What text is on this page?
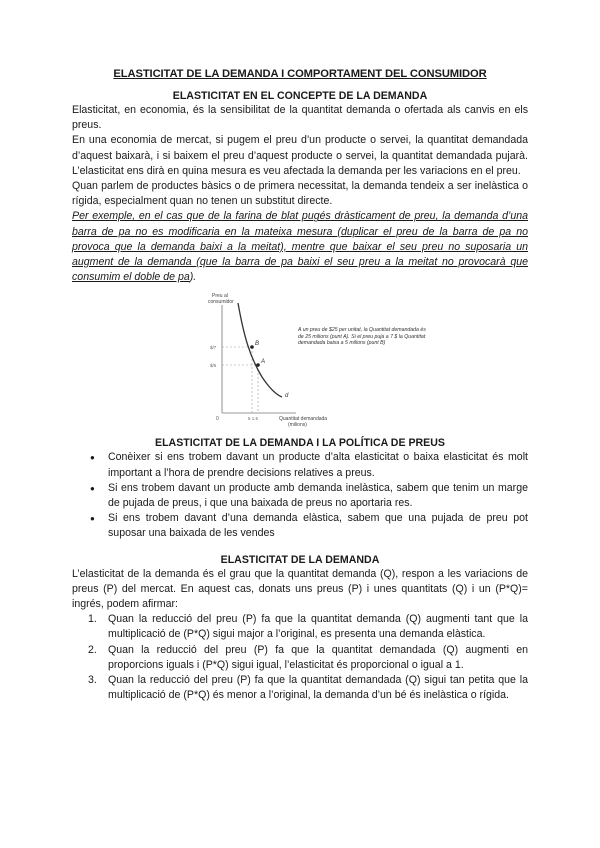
ELASTICITAT DE LA DEMANDA I COMPORTAMENT DEL CONSUMIDOR
ELASTICITAT EN EL CONCEPTE DE LA DEMANDA

Elasticitat, en economia, és la sensibilitat de la quantitat demanda o ofertada als canvis en els preus.

En una economia de mercat, si pugem el preu d’un producte o servei, la quantitat demandada d’aquest baixarà, i si baixem el preu d’aquest producte o servei, la quantitat demandada pujarà. L’elasticitat ens dirà en quina mesura es veu afectada la demanda per les variacions en el preu.

Quan parlem de productes bàsics o de primera necessitat, la demanda tendeix a ser inelàstica o rígida, especialment quan no tenen un substitut directe.

Per exemple, en el cas que de la farina de blat pugés dràsticament de preu, la demanda d’una barra de pa no es modificaria en la mateixa mesura (duplicar el preu de la barra de pa no provoca que la demanda baixi a la meitat), mentre que baixar el seu preu no suposaria un augment de la demanda (que la barra de pa baixi el seu preu a la meitat no provocarà que consumim el doble de pa).

$/7
$/5
5 1.5
Preu al
consumidor
Quantitat demandada
(milions)
B
A
d
0
A un preu de $25 per unitat, la Quantitat demandada és de 25 milions (punt A). Si el preu puja a 7 $ la Quantitat demandada baixa a 5 milions (punt B)
ELASTICITAT DE LA DEMANDA I LA POLÍTICA DE PREUS
● Conèixer si ens trobem davant un producte d’alta elasticitat o baixa elasticitat és molt important a l’hora de prendre decisions relatives a preus.
● Si ens trobem davant un producte amb demanda inelàstica, sabem que tenim un marge de pujada de preus, i que una baixada de preus no aportaria res.
● Si ens trobem davant d’una demanda elàstica, sabem que una pujada de preu pot suposar una baixada de les vendes
ELASTICITAT DE LA DEMANDA

L’elasticitat de la demanda és el grau que la quantitat demanda (Q), respon a les variacions de preus (P) del mercat. En aquest cas, donats uns preus (P) i unes quantitats (Q) i un (P*Q)= ingrés, podem afirmar:

1. Quan la reducció del preu (P) fa que la quantitat demanda (Q) augmenti tant que la multiplicació de (P*Q) sigui major a l’original, es presenta una demanda elàstica.
2. Quan la reducció del preu (P) fa que la quantitat demandada (Q) augmenti en proporcions iguals i (P*Q) sigui igual, l’elasticitat és proporcional o igual a 1.
3. Quan la reducció del preu (P) fa que la quantitat demandada (Q) sigui tan petita que la multiplicació de (P*Q) és menor a l’original, la demanda d’un bé és inelàstica o rígida.
